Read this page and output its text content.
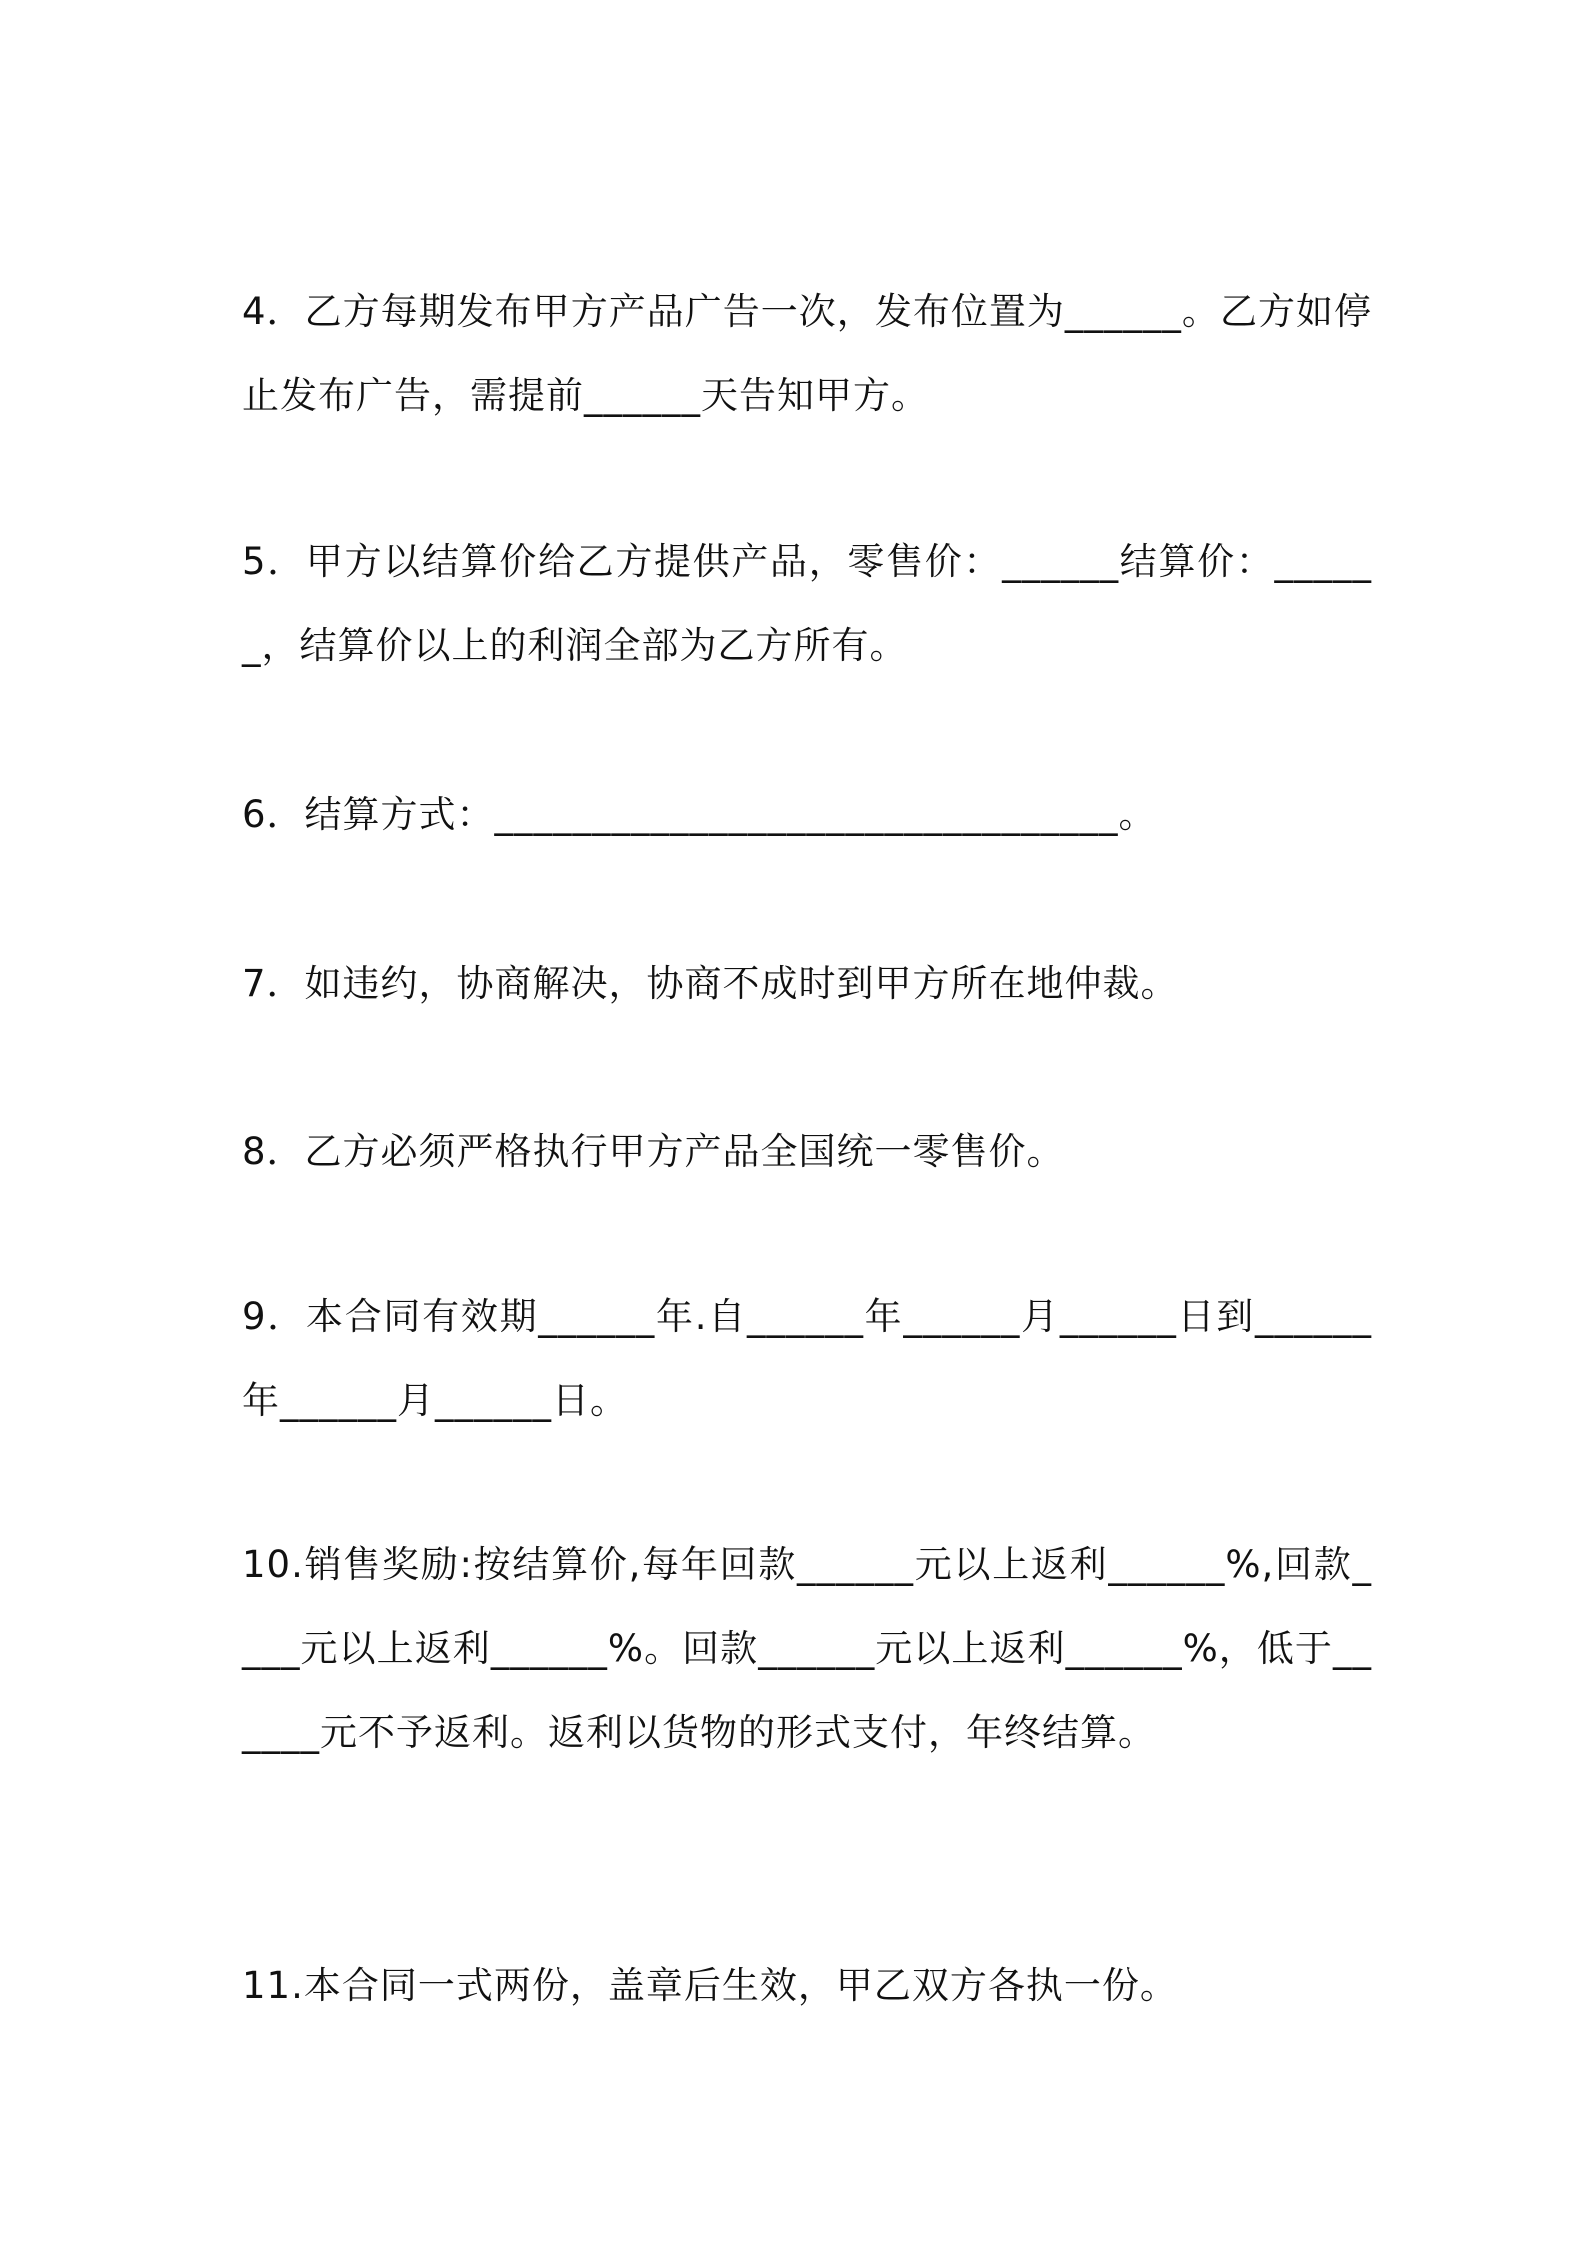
4．乙方每期发布甲方产品广告一次，发布位置为______。乙方如停止发布广告，需提前______天告知甲方。

5．甲方以结算价给乙方提供产品，零售价：______结算价：______，结算价以上的利润全部为乙方所有。

6．结算方式：________________________________。

7．如违约，协商解决，协商不成时到甲方所在地仲裁。

8．乙方必须严格执行甲方产品全国统一零售价。

9．本合同有效期______年.自______年______月______日到______年______月______日。

10.销售奖励:按结算价,每年回款______元以上返利______%,回款____元以上返利______%。回款______元以上返利______%，低于______元不予返利。返利以货物的形式支付，年终结算。

11.本合同一式两份，盖章后生效，甲乙双方各执一份。
